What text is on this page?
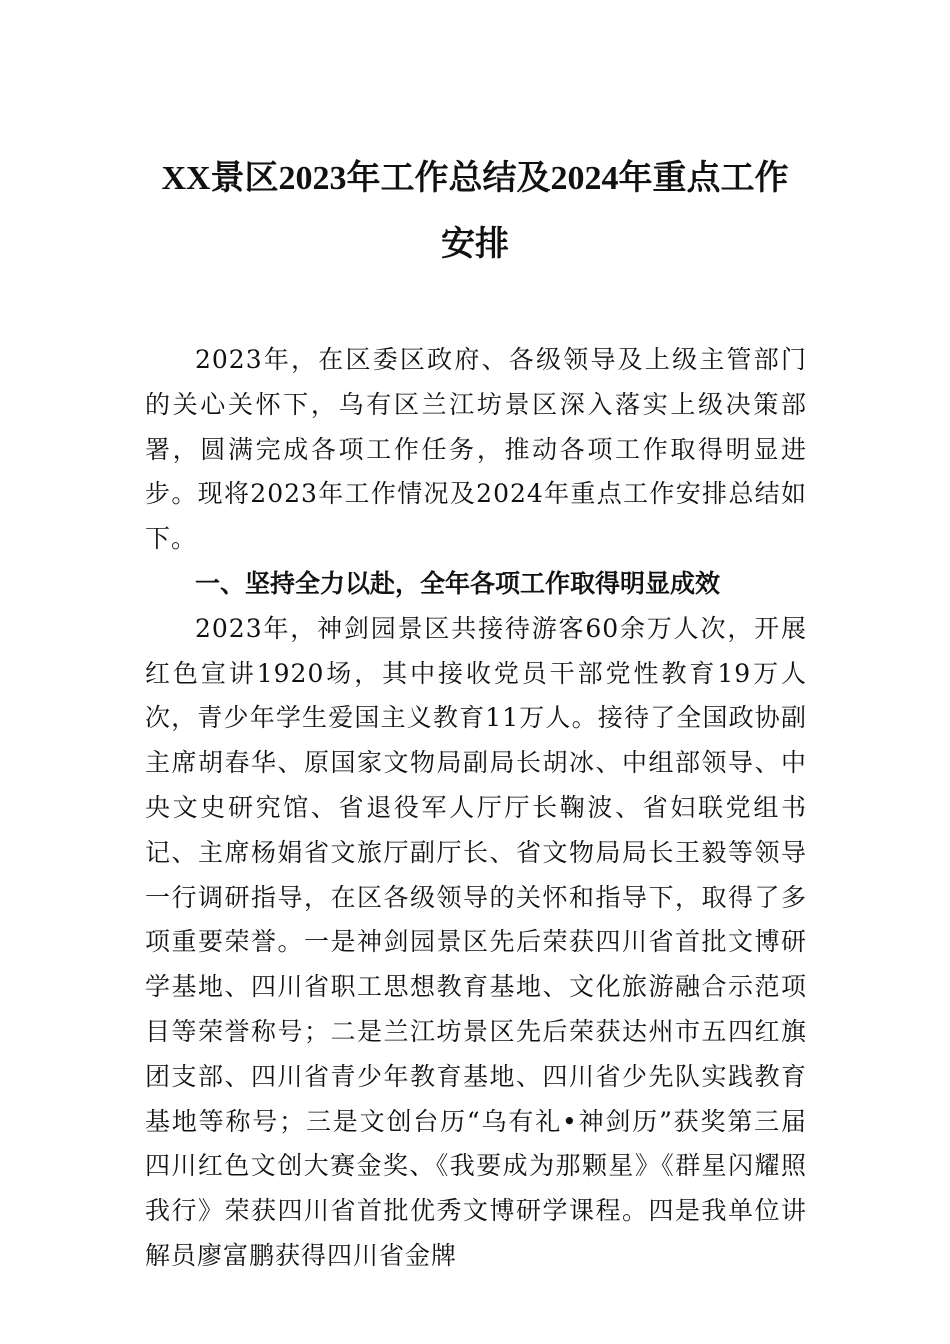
XX景区2023年工作总结及2024年重点工作安排

2023年，在区委区政府、各级领导及上级主管部门的关心关怀下，乌有区兰江坊景区深入落实上级决策部署，圆满完成各项工作任务，推动各项工作取得明显进步。现将2023年工作情况及2024年重点工作安排总结如下。

一、坚持全力以赴，全年各项工作取得明显成效

2023年，神剑园景区共接待游客60余万人次，开展红色宣讲1920场，其中接收党员干部党性教育19万人次，青少年学生爱国主义教育11万人。接待了全国政协副主席胡春华、原国家文物局副局长胡冰、中组部领导、中央文史研究馆、省退役军人厅厅长鞠波、省妇联党组书记、主席杨娟省文旅厅副厅长、省文物局局长王毅等领导一行调研指导，在区各级领导的关怀和指导下，取得了多项重要荣誉。一是神剑园景区先后荣获四川省首批文博研学基地、四川省职工思想教育基地、文化旅游融合示范项目等荣誉称号；二是兰江坊景区先后荣获达州市五四红旗团支部、四川省青少年教育基地、四川省少先队实践教育基地等称号；三是文创台历“乌有礼•神剑历”获奖第三届四川红色文创大赛金奖、《我要成为那颗星》《群星闪耀照我行》荣获四川省首批优秀文博研学课程。四是我单位讲解员廖富鹏获得四川省金牌
